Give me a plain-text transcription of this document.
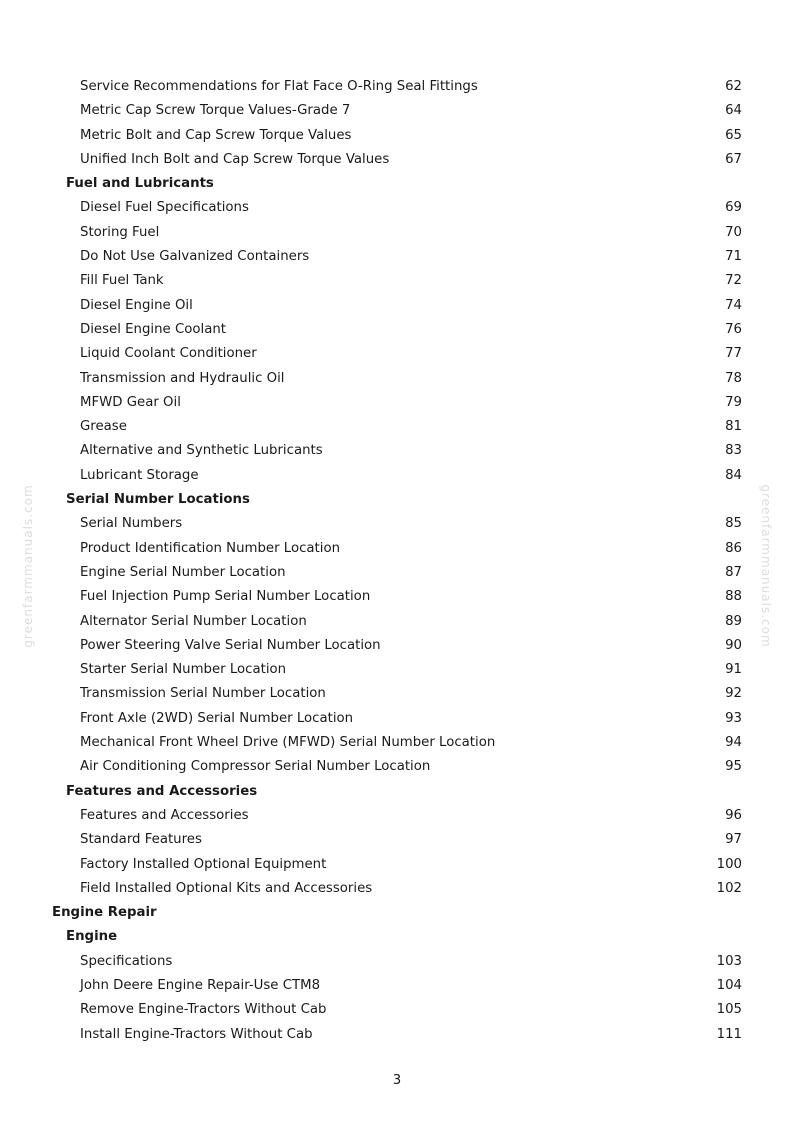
greenfarmmanuals.com	greenfarmmanuals.com
Service Recommendations for Flat Face O-Ring Seal Fittings	62
Metric Cap Screw Torque Values-Grade 7	64
Metric Bolt and Cap Screw Torque Values	65
Unified Inch Bolt and Cap Screw Torque Values	67
Fuel and Lubricants
Diesel Fuel Specifications	69
Storing Fuel	70
Do Not Use Galvanized Containers	71
Fill Fuel Tank	72
Diesel Engine Oil	74
Diesel Engine Coolant	76
Liquid Coolant Conditioner	77
Transmission and Hydraulic Oil	78
MFWD Gear Oil	79
Grease	81
Alternative and Synthetic Lubricants	83
Lubricant Storage	84
Serial Number Locations
Serial Numbers	85
Product Identification Number Location	86
Engine Serial Number Location	87
Fuel Injection Pump Serial Number Location	88
Alternator Serial Number Location	89
Power Steering Valve Serial Number Location	90
Starter Serial Number Location	91
Transmission Serial Number Location	92
Front Axle (2WD) Serial Number Location	93
Mechanical Front Wheel Drive (MFWD) Serial Number Location	94
Air Conditioning Compressor Serial Number Location	95
Features and Accessories
Features and Accessories	96
Standard Features	97
Factory Installed Optional Equipment	100
Field Installed Optional Kits and Accessories	102
Engine Repair
Engine
Specifications	103
John Deere Engine Repair-Use CTM8	104
Remove Engine-Tractors Without Cab	105
Install Engine-Tractors Without Cab	111
3
